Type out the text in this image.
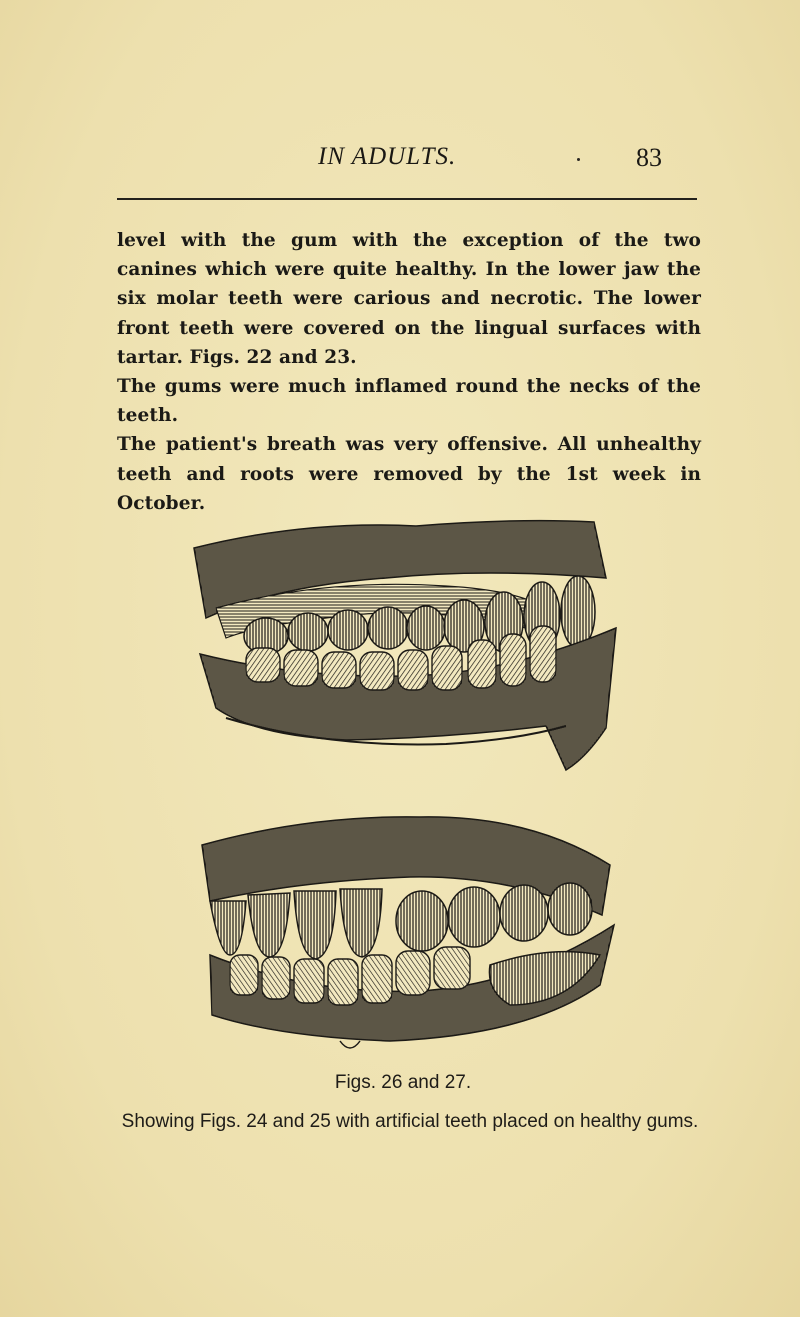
IN ADULTS.	83

level with the gum with the exception of the two canines which were quite healthy. In the lower jaw the six molar teeth were carious and necrotic. The lower front teeth were covered on the lingual surfaces with tartar. Figs. 22 and 23.

The gums were much inflamed round the necks of the teeth.

The patient's breath was very offensive. All unhealthy teeth and roots were removed by the 1st week in October.

Figs. 26 and 27.
Showing Figs. 24 and 25 with artificial teeth placed on healthy gums.
